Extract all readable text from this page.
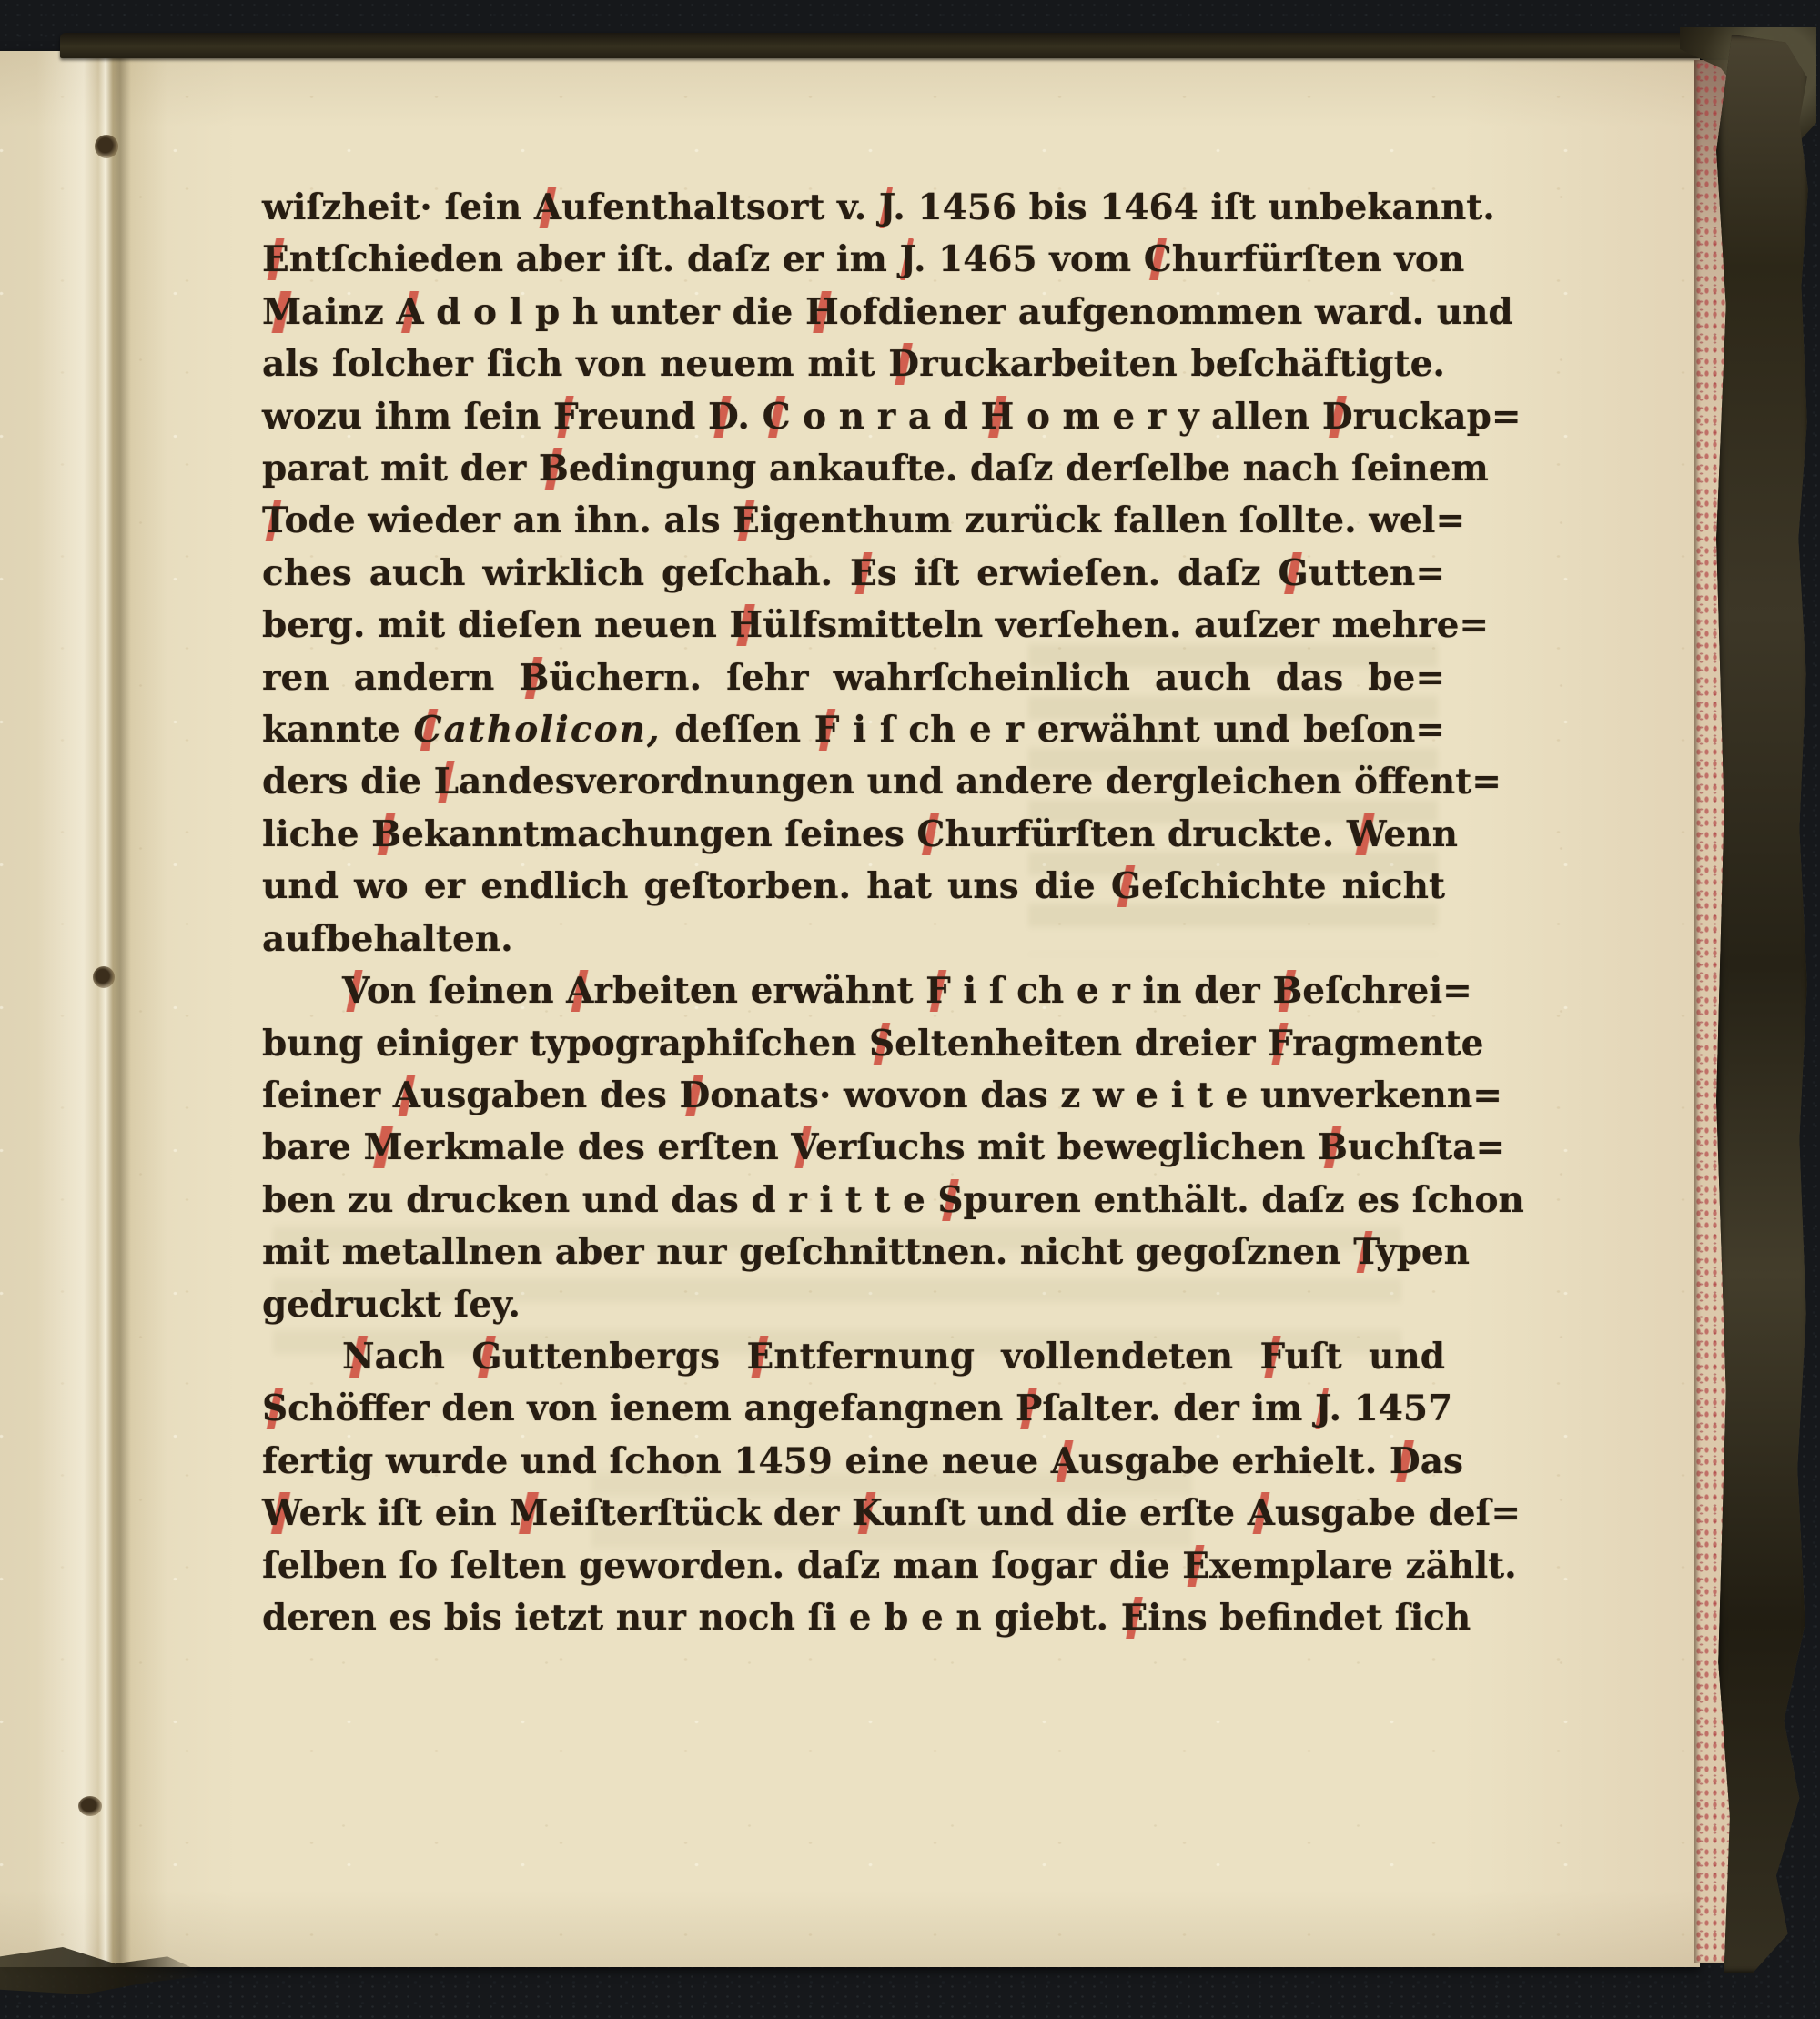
wiſzheit· ſein Aufenthaltsort v. J. 1456 bis 1464 iſt unbekannt.
Entſchieden aber iſt. daſz er im J. 1465 vom Churfürſten von
Mainz A d o l p h unter die Hofdiener aufgenommen ward. und
als ſolcher ſich von neuem mit Druckarbeiten beſchäftigte.
wozu ihm ſein Freund D. C o n r a d H o m e r y allen Druckap=
parat mit der Bedingung ankaufte. daſz derſelbe nach ſeinem
Tode wieder an ihn. als Eigenthum zurück fallen ſollte. wel=
ches auch wirklich geſchah. Es iſt erwieſen. daſz Gutten=
berg. mit dieſen neuen Hülfsmitteln verſehen. auſzer mehre=
ren andern Büchern. ſehr wahrſcheinlich auch das be=
kannte Catholicon, deſſen F i ſ ch e r erwähnt und beſon=
ders die Landesverordnungen und andere dergleichen öffent=
liche Bekanntmachungen ſeines Churfürſten druckte. Wenn
und wo er endlich geſtorben. hat uns die Geſchichte nicht
aufbehalten.
Von ſeinen Arbeiten erwähnt F i ſ ch e r in der Beſchrei=
bung einiger typographiſchen Seltenheiten dreier Fragmente
ſeiner Ausgaben des Donats· wovon das z w e i t e unverkenn=
bare Merkmale des erſten Verſuchs mit beweglichen Buchſta=
ben zu drucken und das d r i t t e Spuren enthält. daſz es ſchon
mit metallnen aber nur geſchnittnen. nicht gegoſznen Typen
gedruckt ſey.
Nach Guttenbergs Entfernung vollendeten Fuſt und
Schöffer den von ienem angefangnen Pſalter. der im J. 1457
fertig wurde und ſchon 1459 eine neue Ausgabe erhielt. Das
Werk iſt ein Meiſterſtück der Kunſt und die erſte Ausgabe deſ=
ſelben ſo ſelten geworden. daſz man ſogar die Exemplare zählt.
deren es bis ietzt nur noch ſi e b e n giebt. Eins befindet ſich
